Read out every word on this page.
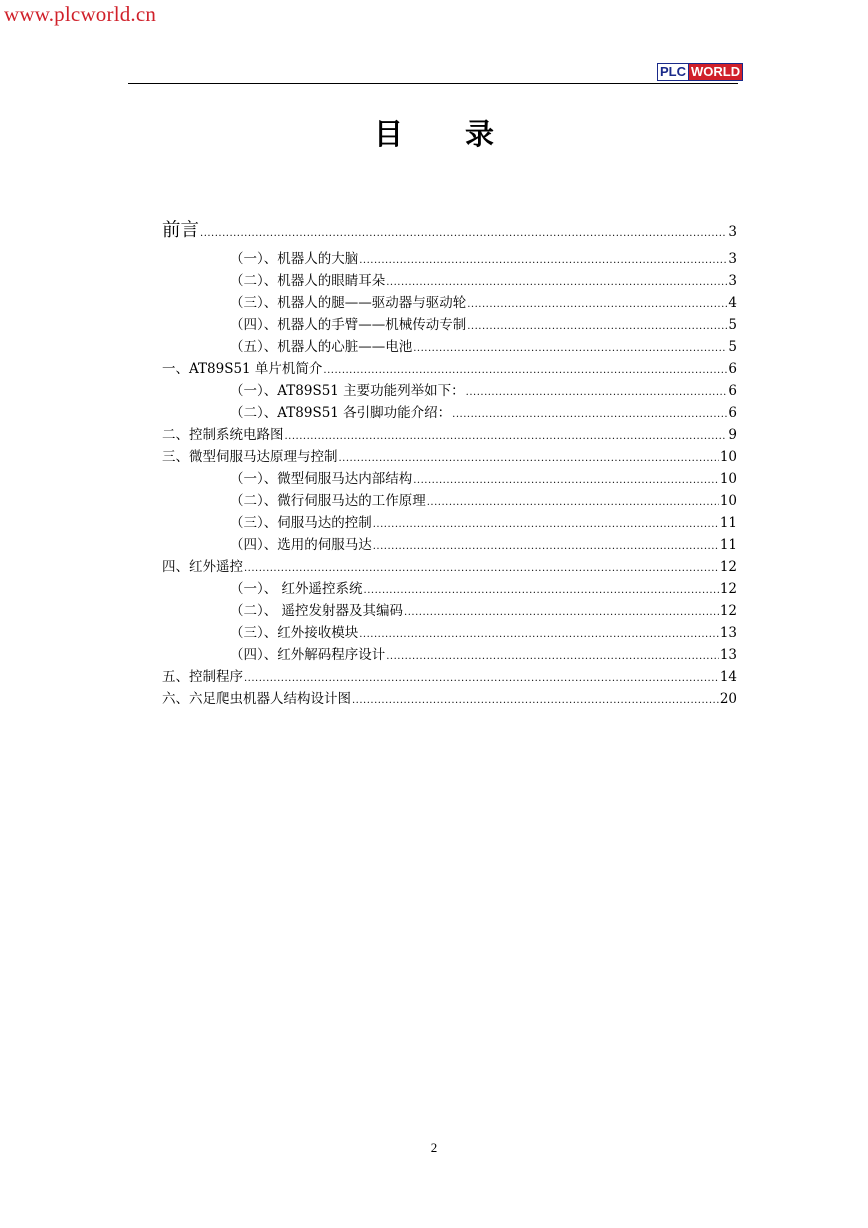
www.plcworld.cn
PLC WORLD
目 录
前言 .....	3
（一）、机器人的大脑 .....	3
（二）、机器人的眼睛耳朵 .....	3
（三）、机器人的腿——驱动器与驱动轮 .....	4
（四）、机器人的手臂——机械传动专制 .....	5
（五）、机器人的心脏——电池 .....	5
一、AT89S51 单片机简介 .....	6
（一）、AT89S51 主要功能列举如下： .....	6
（二）、AT89S51 各引脚功能介绍： .....	6
二、控制系统电路图 .....	9
三、微型伺服马达原理与控制 .....	10
（一）、微型伺服马达内部结构 .....	10
（二）、微行伺服马达的工作原理 .....	10
（三）、伺服马达的控制 .....	11
（四）、选用的伺服马达 .....	11
四、红外遥控 .....	12
（一）、 红外遥控系统 .....	12
（二）、 遥控发射器及其编码 .....	12
（三）、红外接收模块 .....	13
（四）、红外解码程序设计 .....	13
五、控制程序 .....	14
六、六足爬虫机器人结构设计图 .....	20
2
